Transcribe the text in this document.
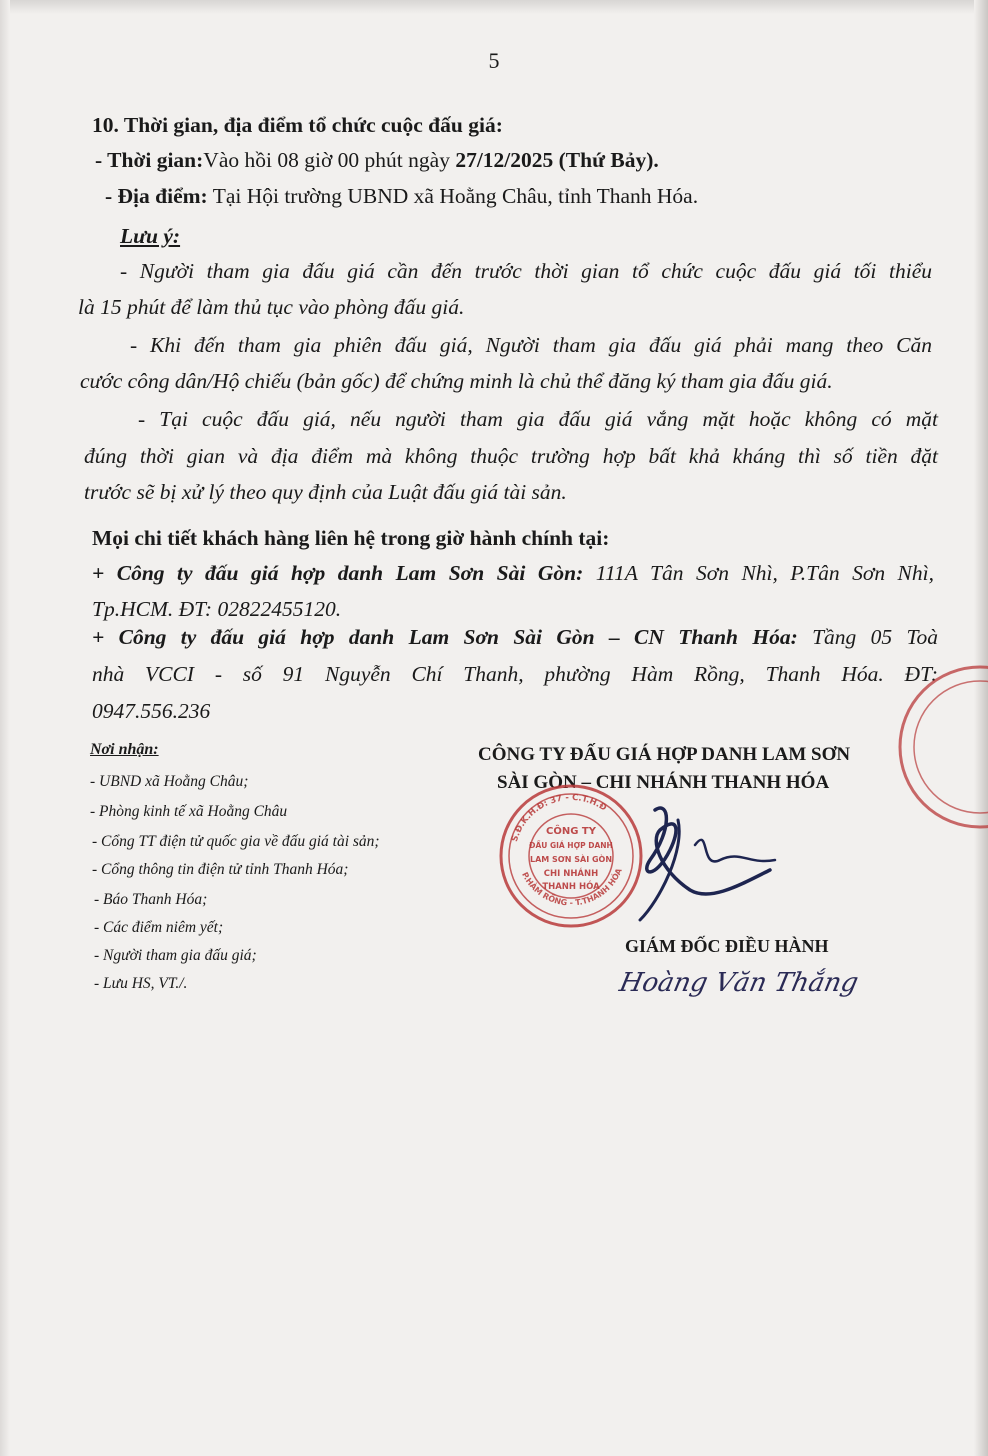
5
10. Thời gian, địa điểm tổ chức cuộc đấu giá:
- Thời gian:Vào hồi 08 giờ 00 phút ngày 27/12/2025 (Thứ Bảy).
- Địa điểm: Tại Hội trường UBND xã Hoằng Châu, tỉnh Thanh Hóa.
Lưu ý:
- Người tham gia đấu giá cần đến trước thời gian tổ chức cuộc đấu giá tối thiểu
là 15 phút để làm thủ tục vào phòng đấu giá.
- Khi đến tham gia phiên đấu giá, Người tham gia đấu giá phải mang theo Căn
cước công dân/Hộ chiếu (bản gốc) để chứng minh là chủ thể đăng ký tham gia đấu giá.
- Tại cuộc đấu giá, nếu người tham gia đấu giá vắng mặt hoặc không có mặt
đúng thời gian và địa điểm mà không thuộc trường hợp bất khả kháng thì số tiền đặt
trước sẽ bị xử lý theo quy định của Luật đấu giá tài sản.
Mọi chi tiết khách hàng liên hệ trong giờ hành chính tại:
+ Công ty đấu giá hợp danh Lam Sơn Sài Gòn: 111A Tân Sơn Nhì, P.Tân Sơn Nhì,
Tp.HCM. ĐT: 02822455120.
+ Công ty đấu giá hợp danh Lam Sơn Sài Gòn – CN Thanh Hóa: Tầng 05 Toà
nhà VCCI - số 91 Nguyễn Chí Thanh, phường Hàm Rồng, Thanh Hóa. ĐT:
0947.556.236
Nơi nhận:
- UBND xã Hoằng Châu;
- Phòng kinh tế xã Hoằng Châu
- Cổng TT điện tử quốc gia về đấu giá tài sản;
- Cổng thông tin điện tử tỉnh Thanh Hóa;
- Báo Thanh Hóa;
- Các điểm niêm yết;
- Người tham gia đấu giá;
- Lưu HS, VT./.
CÔNG TY ĐẤU GIÁ HỢP DANH LAM SƠN
SÀI GÒN – CHI NHÁNH THANH HÓA
S.Đ.K.H.Đ: 37 - C.T.H.Đ
P.HÀM RỒNG - T.THANH HÓA
CÔNG TY
ĐẤU GIÁ HỢP DANH
LAM SƠN SÀI GÒN
CHI NHÁNH
THANH HÓA
GIÁM ĐỐC ĐIỀU HÀNH
Hoàng Văn Thắng
